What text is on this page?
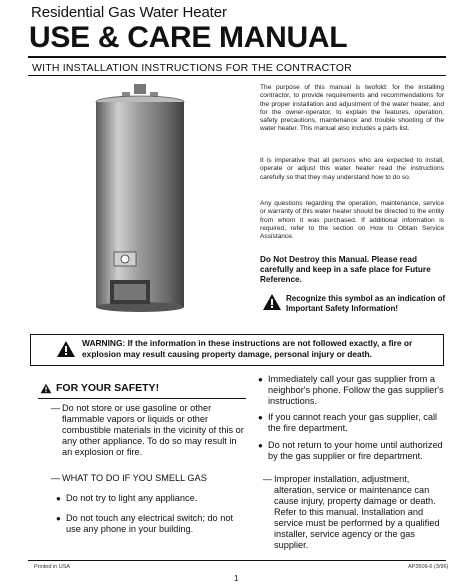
Residential Gas Water Heater
USE & CARE MANUAL
WITH INSTALLATION INSTRUCTIONS FOR THE CONTRACTOR
The purpose of this manual is twofold: for the installing contractor, to provide requirements and recommendations for the proper installation and adjustment of the water heater, and for the owner-operator, to explain the features, operation, safety precautions, maintenance and trouble shooting of the water heater. This manual also includes a parts list.
It is imperative that all persons who are expected to install, operate or adjust this water heater read the instructions carefully so that they may understand how to do so.
Any questions regarding the operation, maintenance, service or warranty of this water heater should be directed to the entity from whom it was purchased. If additional information is required, refer to the section on How to Obtain Service Assistance.
Do Not Destroy this Manual. Please read carefully and keep in a safe place for Future Reference.
Recognize this symbol as an indication of Important Safety Information!
WARNING: If the information in these instructions are not followed exactly, a fire or explosion may result causing property damage, personal injury or death.
FOR YOUR SAFETY!
— Do not store or use gasoline or other flammable vapors or liquids or other combustible materials in the vicinity of this or any other appliance. To do so may result in an explosion or fire.
— WHAT TO DO IF YOU SMELL GAS
● Do not try to light any appliance.
● Do not touch any electrical switch; do not use any phone in your building.
● Immediately call your gas supplier from a neighbor's phone. Follow the gas supplier's instructions.
● If you cannot reach your gas supplier, call the fire department.
● Do not return to your home until authorized by the gas supplier or fire department.
— Improper installation, adjustment, alteration, service or maintenance can cause injury, property damage or death. Refer to this manual. Installation and service must be performed by a qualified installer, service agency or the gas supplier.
Printed in USA	AP3509-6 (3/96)
1
